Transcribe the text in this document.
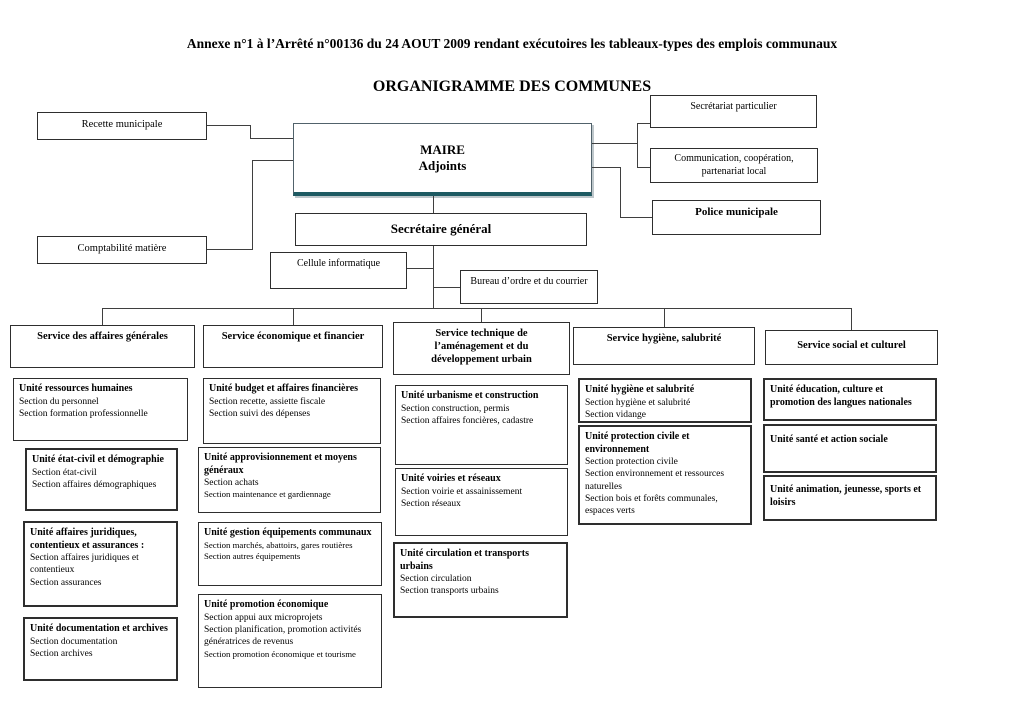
Annexe n°1 à l’Arrêté n°00136 du 24 AOUT 2009 rendant exécutoires les tableaux-types des emplois communaux
ORGANIGRAMME DES COMMUNES
Recette municipale
Comptabilité matière
MAIRE
Adjoints
Secrétaire général
Cellule informatique
Bureau d’ordre et du courrier
Secrétariat particulier
Communication, coopération, partenariat local
Police municipale
Service des affaires générales	Service économique et financier	Service technique de l’aménagement et du développement urbain
Service hygiène, salubrité
Service social et culturel
Unité ressources humaines
Section du personnel
Section formation professionnelle
Unité état-civil et démographie
Section état-civil
Section affaires démographiques
Unité affaires juridiques, contentieux et assurances :
Section affaires juridiques et contentieux
Section assurances
Unité documentation et archives
Section documentation
Section archives
Unité budget et affaires financières
Section recette, assiette fiscale
Section suivi des dépenses
Unité approvisionnement et moyens généraux
Section achats
Section maintenance et gardiennage
Unité gestion équipements communaux
Section marchés, abattoirs, gares routières
Section autres équipements
Unité promotion économique
Section appui aux microprojets
Section planification, promotion activités génératrices de revenus
Section promotion économique et tourisme
Unité urbanisme et construction
Section construction, permis
Section affaires foncières, cadastre
Unité voiries et réseaux
Section voirie et assainissement
Section réseaux
Unité circulation et transports urbains
Section circulation
Section transports urbains
Unité hygiène et salubrité
Section hygiène et salubrité
Section vidange
Unité protection civile et environnement
Section protection civile
Section environnement et ressources naturelles
Section bois et forêts communales, espaces verts
Unité éducation, culture et promotion des langues nationales
Unité santé et action sociale
Unité animation, jeunesse, sports et loisirs
